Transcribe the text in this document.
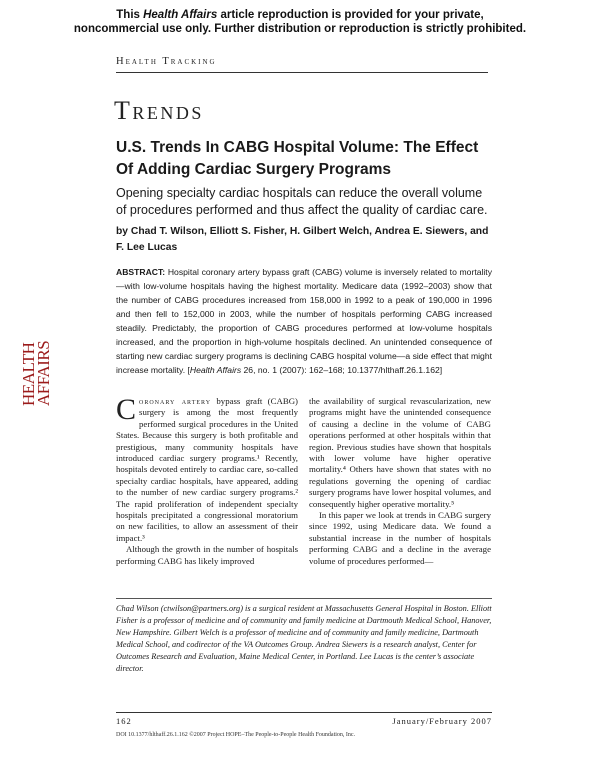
This Health Affairs article reproduction is provided for your private,
noncommercial use only. Further distribution or reproduction is strictly prohibited.
Health Tracking
Trends
U.S. Trends In CABG Hospital Volume: The Effect Of Adding Cardiac Surgery Programs
Opening specialty cardiac hospitals can reduce the overall volume of procedures performed and thus affect the quality of cardiac care.
by Chad T. Wilson, Elliott S. Fisher, H. Gilbert Welch, Andrea E. Siewers, and F. Lee Lucas
ABSTRACT: Hospital coronary artery bypass graft (CABG) volume is inversely related to mortality—with low-volume hospitals having the highest mortality. Medicare data (1992–2003) show that the number of CABG procedures increased from 158,000 in 1992 to a peak of 190,000 in 1996 and then fell to 152,000 in 2003, while the number of hospitals performing CABG increased steadily. Predictably, the proportion of CABG procedures performed at low-volume hospitals increased, and the proportion in high-volume hospitals declined. An unintended consequence of starting new cardiac surgery programs is declining CABG hospital volume—a side effect that might increase mortality. [Health Affairs 26, no. 1 (2007): 162–168; 10.1377/hlthaff.26.1.162]
HEALTH
AFFAIRS

Coronary artery bypass graft (CABG) surgery is among the most frequently performed surgical procedures in the United States. Because this surgery is both profitable and prestigious, many community hospitals have introduced cardiac surgery programs.¹ Recently, hospitals devoted entirely to cardiac care, so-called specialty cardiac hospitals, have appeared, adding to the number of new cardiac surgery programs.² The rapid proliferation of independent specialty hospitals precipitated a congressional moratorium on new facilities, to allow an assessment of their impact.³

Although the growth in the number of hospitals performing CABG has likely improved

the availability of surgical revascularization, new programs might have the unintended consequence of causing a decline in the volume of CABG operations performed at other hospitals within that region. Previous studies have shown that hospitals with lower volume have higher operative mortality.⁴ Others have shown that states with no regulations governing the opening of cardiac surgery programs have lower hospital volumes, and consequently higher operative mortality.⁵

In this paper we look at trends in CABG surgery since 1992, using Medicare data. We found a substantial increase in the number of hospitals performing CABG and a decline in the average volume of procedures performed—

Chad Wilson (ctwilson@partners.org) is a surgical resident at Massachusetts General Hospital in Boston. Elliott Fisher is a professor of medicine and of community and family medicine at Dartmouth Medical School, Hanover, New Hampshire. Gilbert Welch is a professor of medicine and of community and family medicine, Dartmouth Medical School, and codirector of the VA Outcomes Group. Andrea Siewers is a research analyst, Center for Outcomes Research and Evaluation, Maine Medical Center, in Portland. Lee Lucas is the center’s associate director.
162	January/February 2007
DOI 10.1377/hlthaff.26.1.162 ©2007 Project HOPE–The People-to-People Health Foundation, Inc.
